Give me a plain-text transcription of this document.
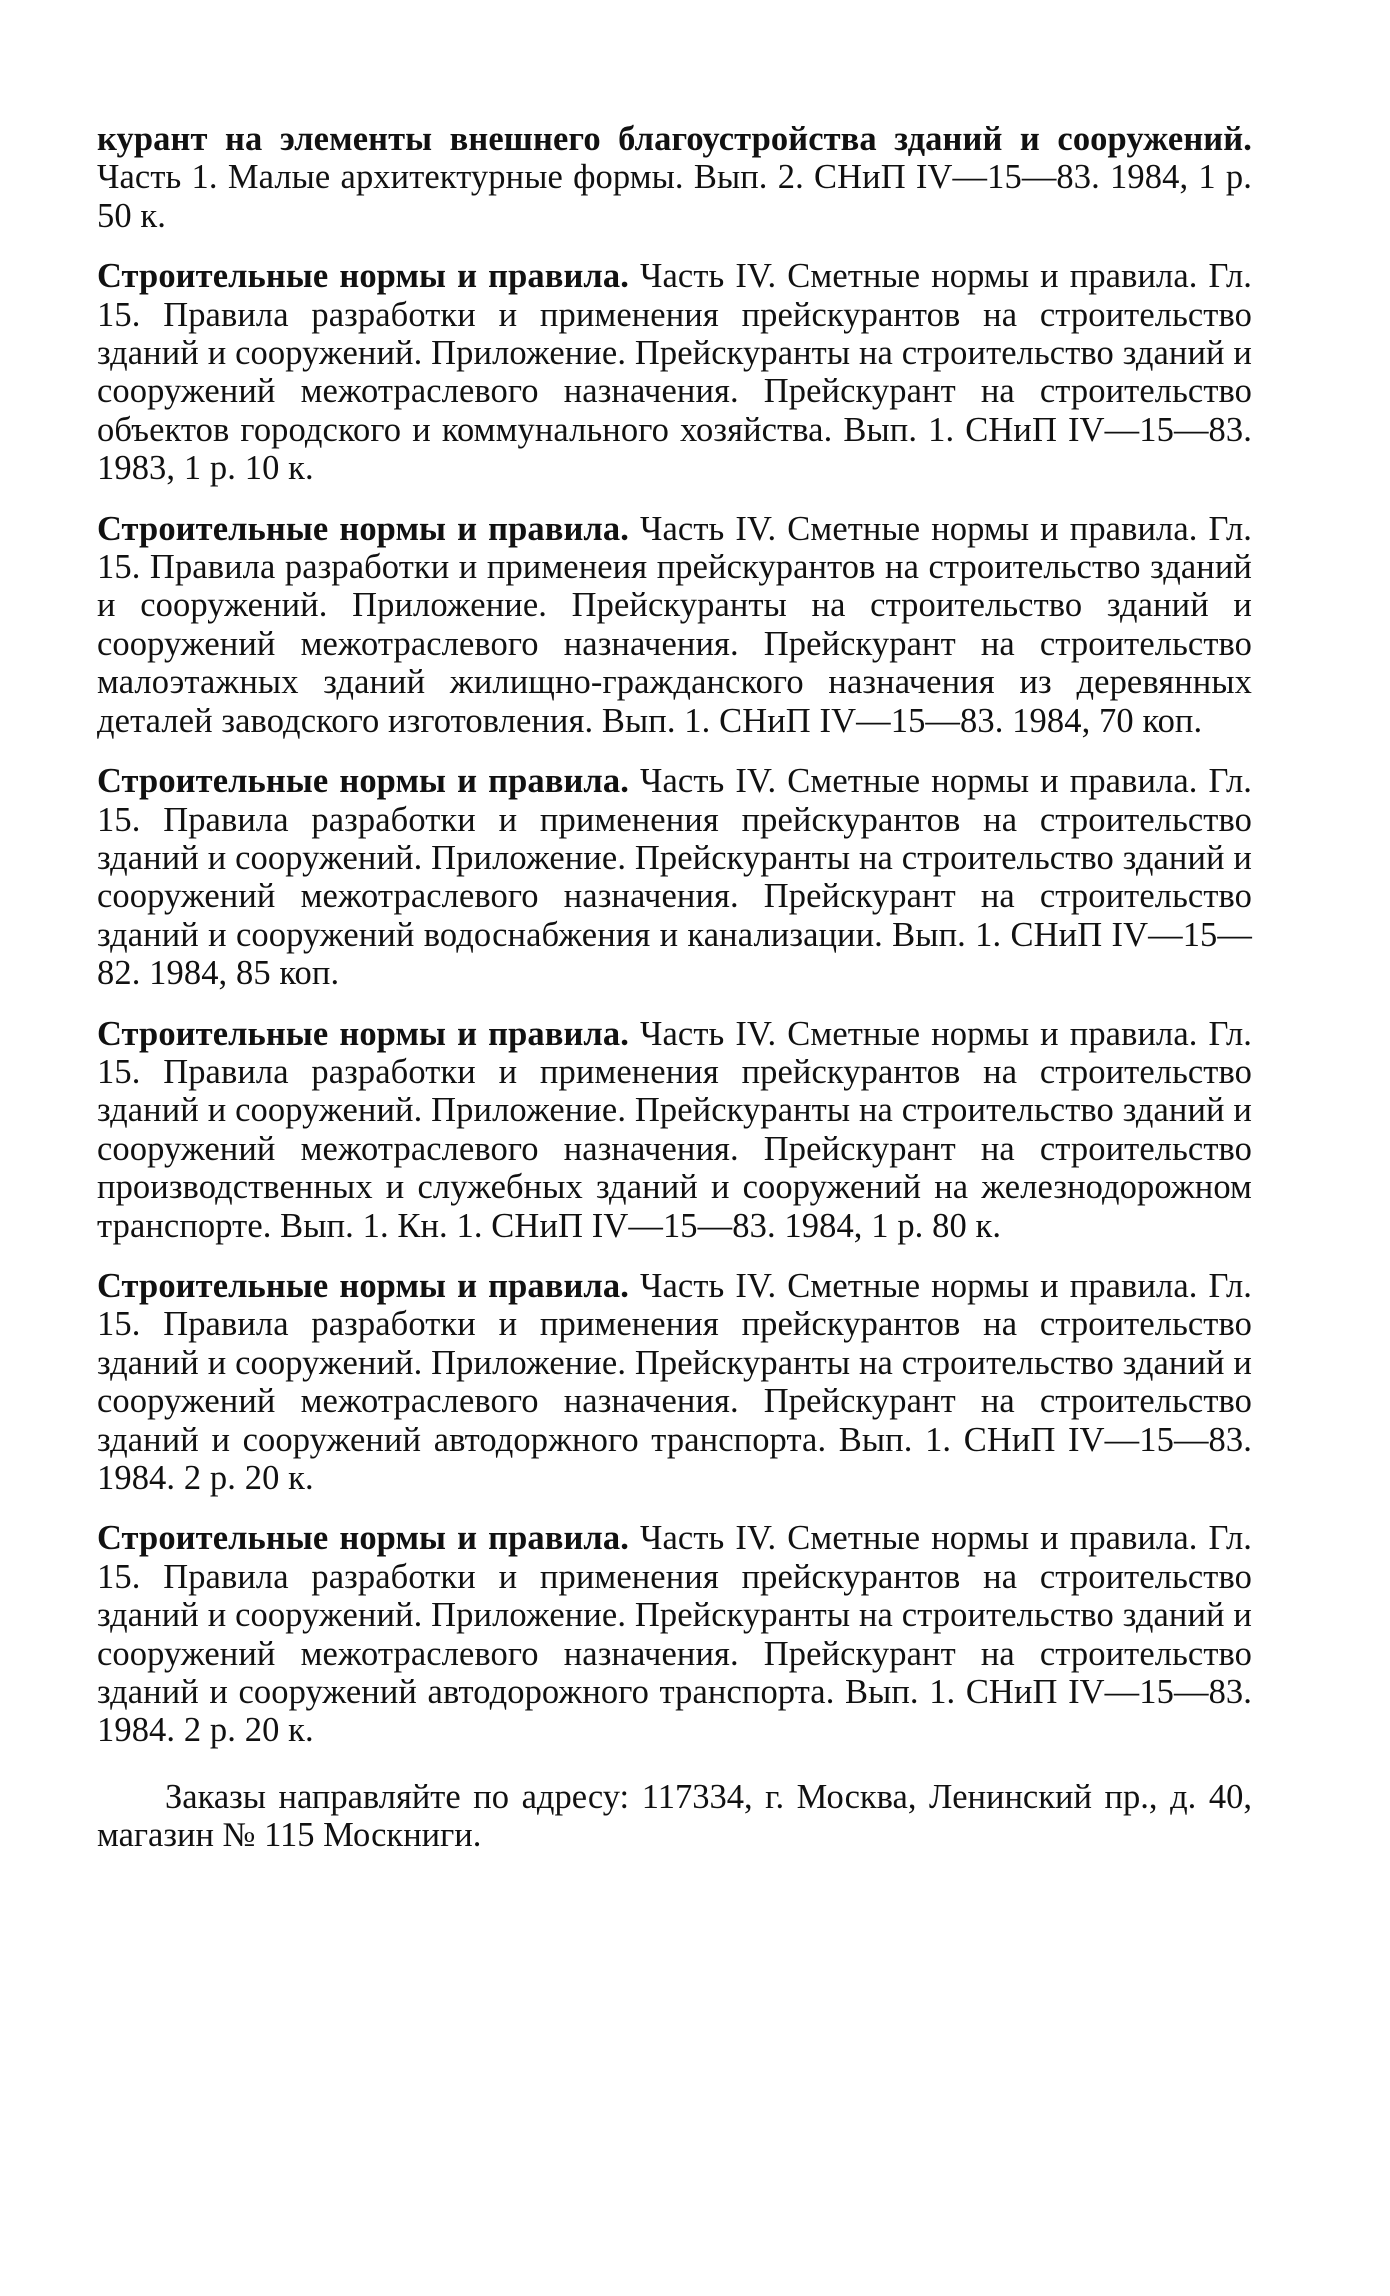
курант на элементы внешнего благоустройства зданий и сооружений. Часть 1. Малые архитектурные формы. Вып. 2. СНиП IV—15—83. 1984, 1 р. 50 к.

Строительные нормы и правила. Часть IV. Сметные нормы и правила. Гл. 15. Правила разработки и применения прейскурантов на строительство зданий и сооружений. Приложение. Прейскуранты на строительство зданий и сооружений межотраслевого назначения. Прейскурант на строительство объектов городского и коммунального хозяйства. Вып. 1. СНиП IV—15—83. 1983, 1 р. 10 к.

Строительные нормы и правила. Часть IV. Сметные нормы и правила. Гл. 15. Правила разработки и применеия прейскурантов на строительство зданий и сооружений. Приложение. Прейскуранты на строительство зданий и сооружений межотраслевого назначения. Прейскурант на строительство малоэтажных зданий жилищно-гражданского назначения из деревянных деталей заводского изготовления. Вып. 1. СНиП IV—15—83. 1984, 70 коп.

Строительные нормы и правила. Часть IV. Сметные нормы и правила. Гл. 15. Правила разработки и применения прейскурантов на строительство зданий и сооружений. Приложение. Прейскуранты на строительство зданий и сооружений межотраслевого назначения. Прейскурант на строительство зданий и сооружений водоснабжения и канализации. Вып. 1. СНиП IV—15—82. 1984, 85 коп.

Строительные нормы и правила. Часть IV. Сметные нормы и правила. Гл. 15. Правила разработки и применения прейскурантов на строительство зданий и сооружений. Приложение. Прейскуранты на строительство зданий и сооружений межотраслевого назначения. Прейскурант на строительство производственных и служебных зданий и сооружений на железнодорожном транспорте. Вып. 1. Кн. 1. СНиП IV—15—83. 1984, 1 р. 80 к.

Строительные нормы и правила. Часть IV. Сметные нормы и правила. Гл. 15. Правила разработки и применения прейскурантов на строительство зданий и сооружений. Приложение. Прейскуранты на строительство зданий и сооружений межотраслевого назначения. Прейскурант на строительство зданий и сооружений автодоржного транспорта. Вып. 1. СНиП IV—15—83. 1984. 2 р. 20 к.

Строительные нормы и правила. Часть IV. Сметные нормы и правила. Гл. 15. Правила разработки и применения прейскурантов на строительство зданий и сооружений. Приложение. Прейскуранты на строительство зданий и сооружений межотраслевого назначения. Прейскурант на строительство зданий и сооружений автодорожного транспорта. Вып. 1. СНиП IV—15—83. 1984. 2 р. 20 к.

Заказы направляйте по адресу: 117334, г. Москва, Ленинский пр., д. 40, магазин № 115 Москниги.
